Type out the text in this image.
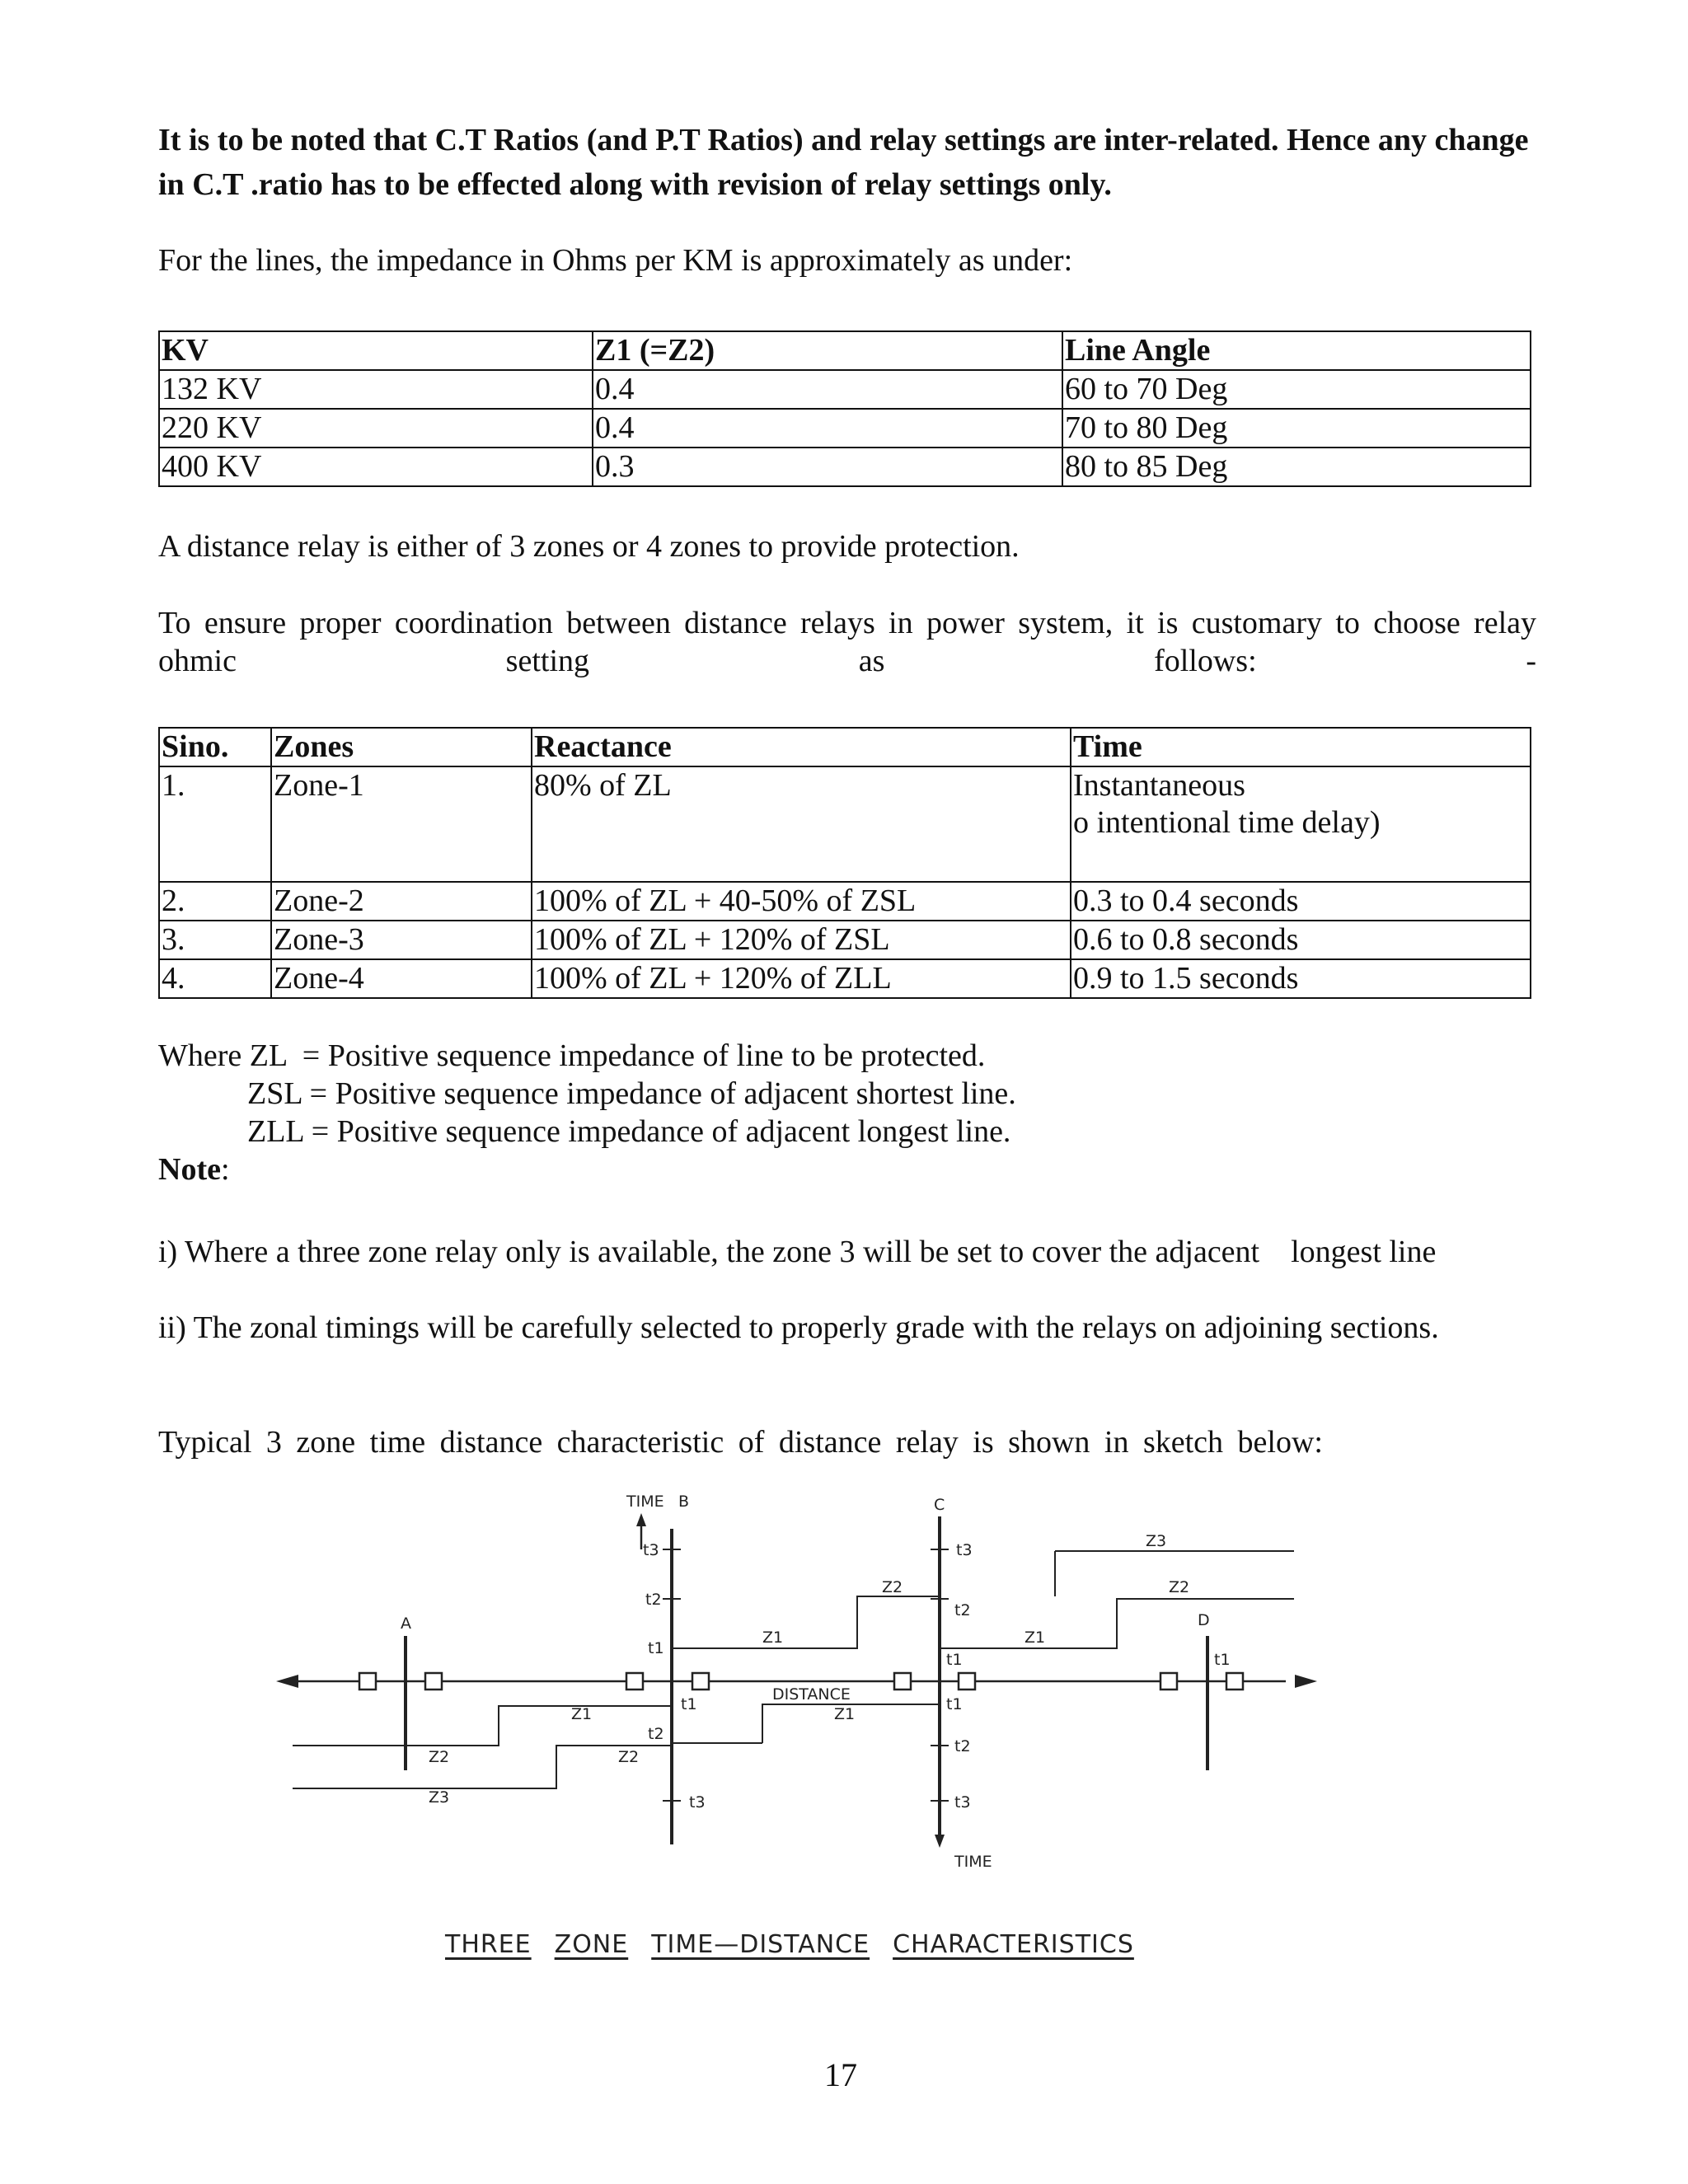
It is to be noted that C.T Ratios (and P.T Ratios) and relay settings are inter-related. Hence any change in C.T .ratio has to be effected along with revision of relay settings only.

For the lines, the impedance in Ohms per KM is approximately as under:

KV	Z1 (=Z2)	Line Angle
132 KV	0.4	60 to 70 Deg
220 KV	0.4	70 to 80 Deg
400 KV	0.3	80 to 85 Deg

A distance relay is either of 3 zones or 4 zones to provide protection.

To ensure proper coordination between distance relays in power system, it is customary to choose relay ohmic setting as follows: -

Sino.	Zones	Reactance	Time
1.	Zone-1	80% of ZL	Instantaneous
o intentional time delay)

2.	Zone-2	100% of ZL + 40-50% of ZSL	0.3 to 0.4 seconds
3.	Zone-3	100% of ZL + 120% of ZSL	0.6 to 0.8 seconds
4.	Zone-4	100% of ZL + 120% of ZLL	0.9 to 1.5 seconds
Where ZL  = Positive sequence impedance of line to be protected.
ZSL = Positive sequence impedance of adjacent shortest line.
ZLL = Positive sequence impedance of adjacent longest line.
Note:

i) Where a three zone relay only is available, the zone 3 will be set to cover the adjacent    longest line

ii) The zonal timings will be carefully selected to properly grade with the relays on adjoining sections.

Typical 3 zone time distance characteristic of distance relay is shown in sketch below:

TIME B	C
A	D
TIME
DISTANCE
t3
t2
t1
t1
t2
t3
t3
t2
t1
t1
t2
t3
t1
Z1
Z2
Z1
Z2
Z3
Z1
Z1
Z2
Z2
Z3
THREE ZONE TIME—DISTANCE CHARACTERISTICS
17
